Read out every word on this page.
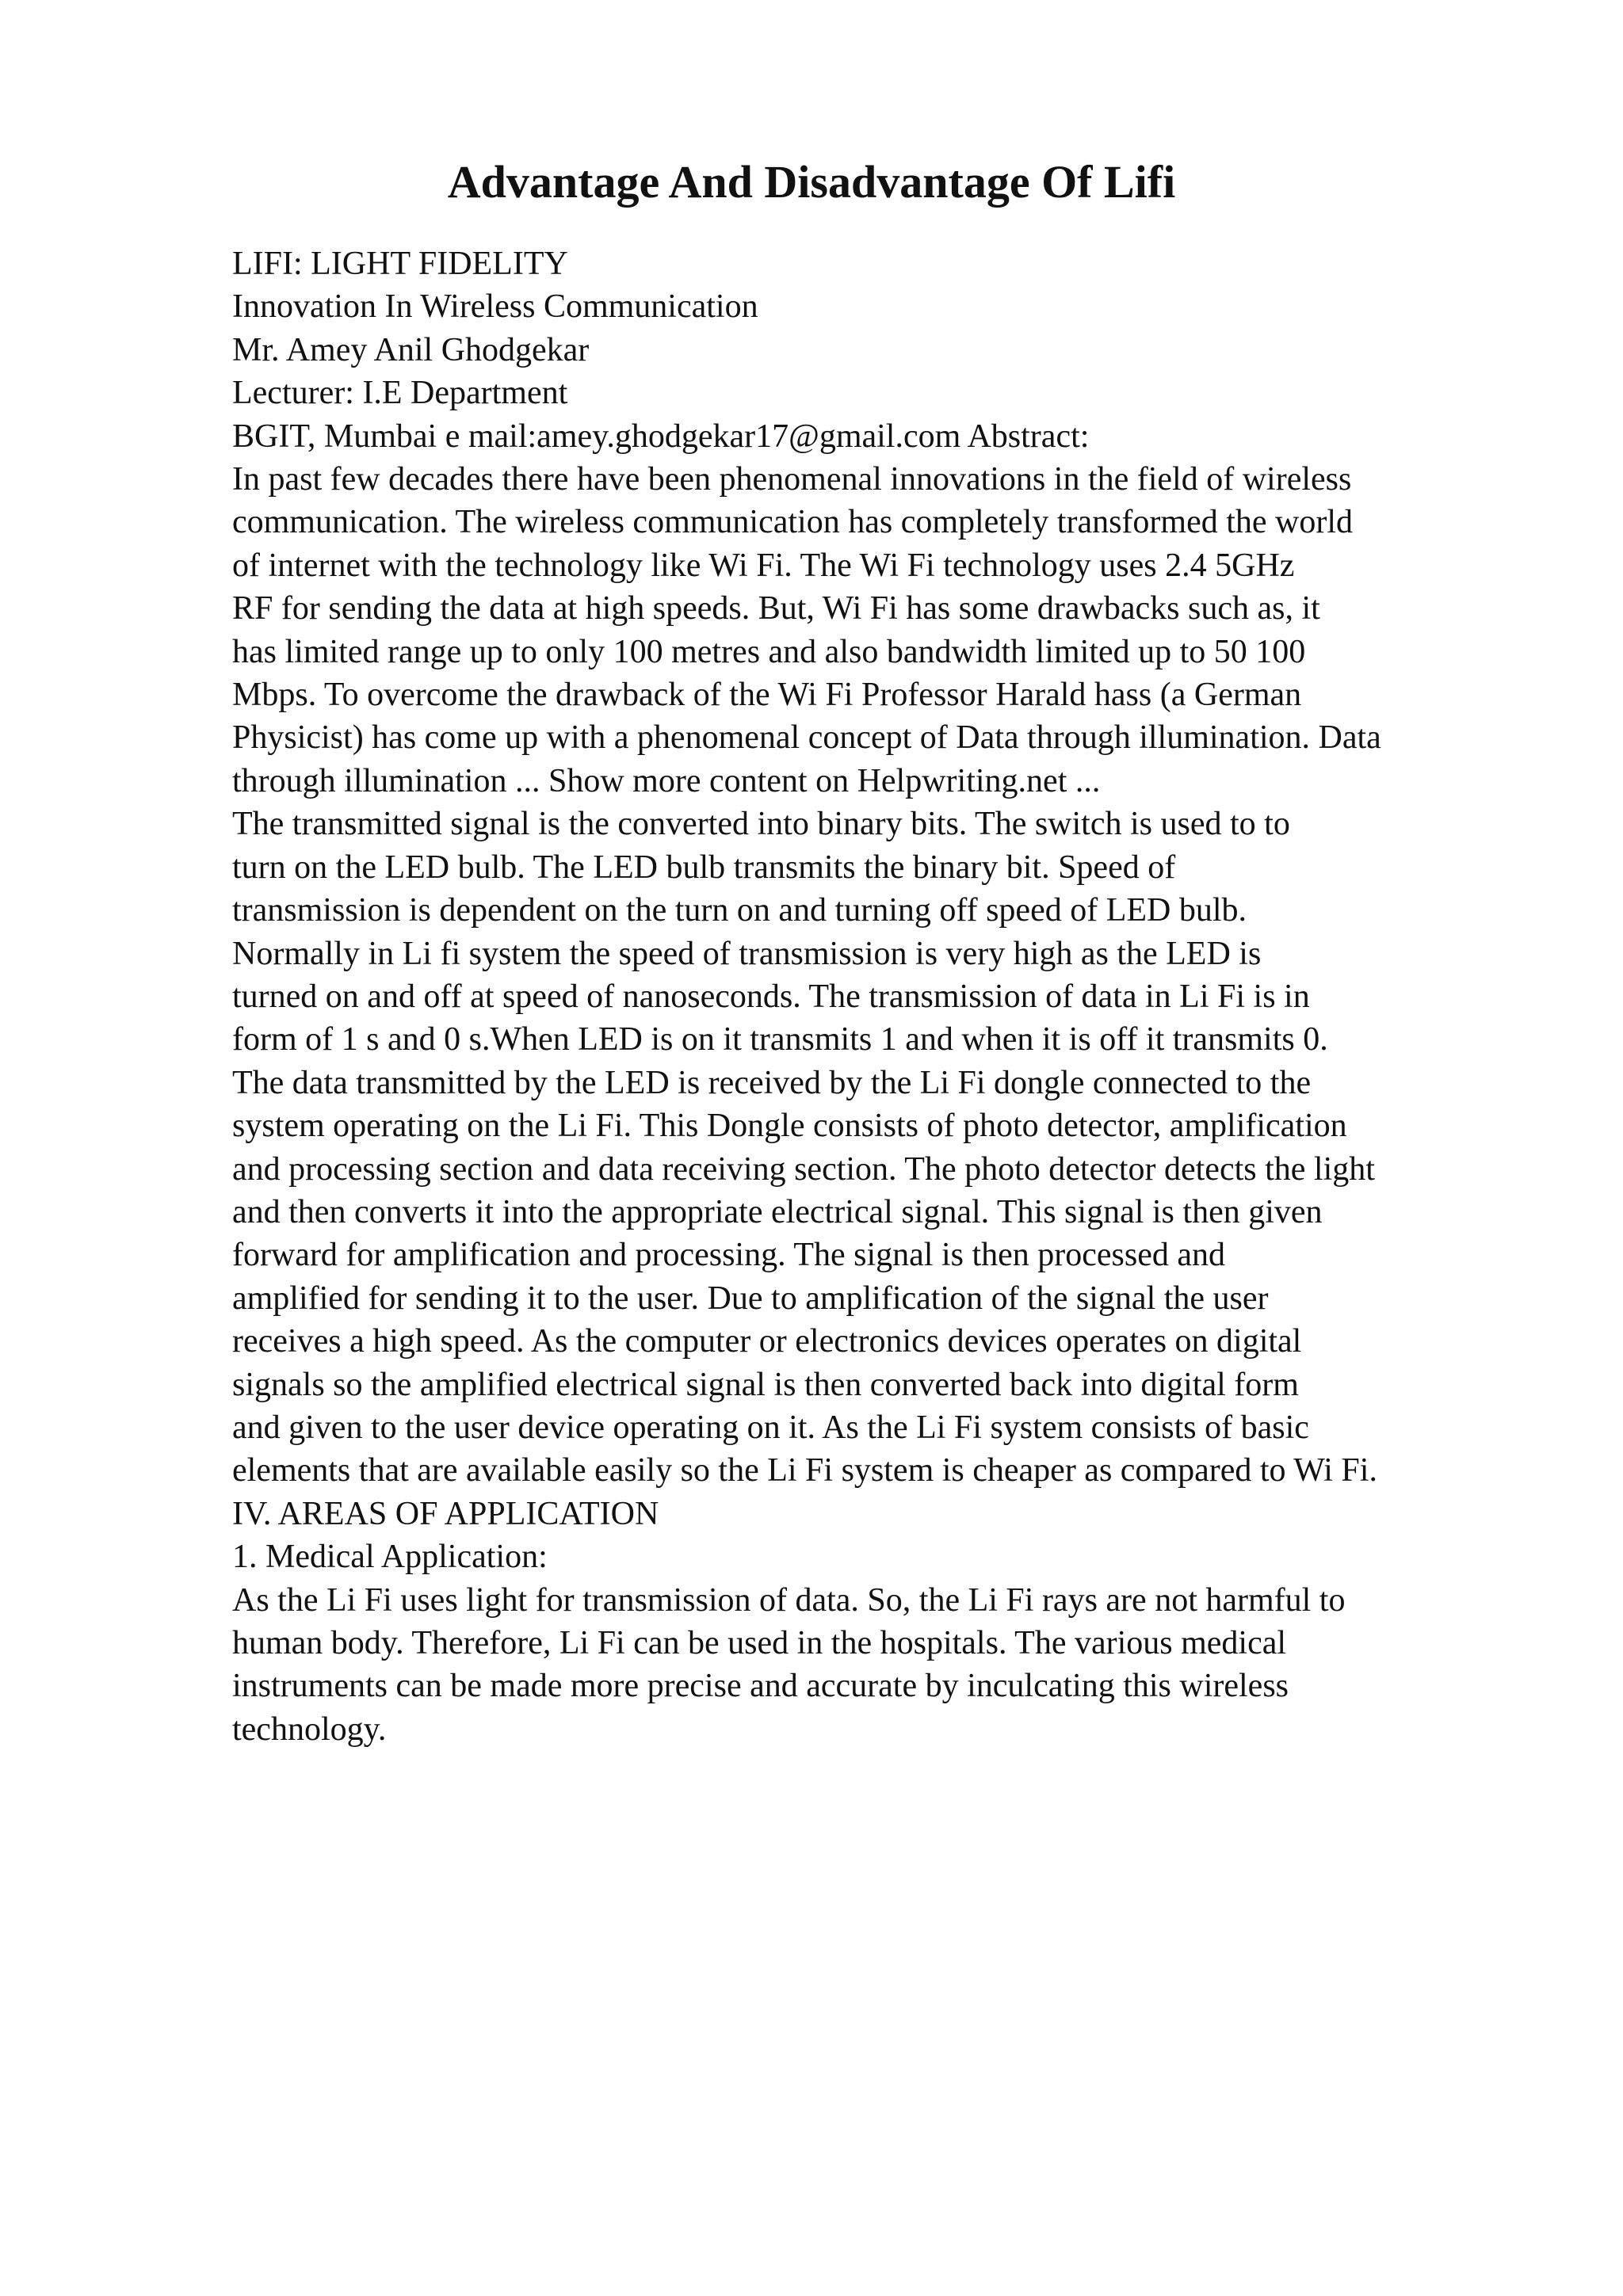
Advantage And Disadvantage Of Lifi
LIFI: LIGHT FIDELITY
Innovation In Wireless Communication
Mr. Amey Anil Ghodgekar
Lecturer: I.E Department
BGIT, Mumbai e mail:amey.ghodgekar17@gmail.com Abstract:
In past few decades there have been phenomenal innovations in the field of wireless
communication. The wireless communication has completely transformed the world
of internet with the technology like Wi Fi. The Wi Fi technology uses 2.4 5GHz
RF for sending the data at high speeds. But, Wi Fi has some drawbacks such as, it
has limited range up to only 100 metres and also bandwidth limited up to 50 100
Mbps. To overcome the drawback of the Wi Fi Professor Harald hass (a German
Physicist) has come up with a phenomenal concept of Data through illumination. Data
through illumination ... Show more content on Helpwriting.net ...
The transmitted signal is the converted into binary bits. The switch is used to to
turn on the LED bulb. The LED bulb transmits the binary bit. Speed of
transmission is dependent on the turn on and turning off speed of LED bulb.
Normally in Li fi system the speed of transmission is very high as the LED is
turned on and off at speed of nanoseconds. The transmission of data in Li Fi is in
form of 1 s and 0 s.When LED is on it transmits 1 and when it is off it transmits 0.
The data transmitted by the LED is received by the Li Fi dongle connected to the
system operating on the Li Fi. This Dongle consists of photo detector, amplification
and processing section and data receiving section. The photo detector detects the light
and then converts it into the appropriate electrical signal. This signal is then given
forward for amplification and processing. The signal is then processed and
amplified for sending it to the user. Due to amplification of the signal the user
receives a high speed. As the computer or electronics devices operates on digital
signals so the amplified electrical signal is then converted back into digital form
and given to the user device operating on it. As the Li Fi system consists of basic
elements that are available easily so the Li Fi system is cheaper as compared to Wi Fi.
IV. AREAS OF APPLICATION
1. Medical Application:
As the Li Fi uses light for transmission of data. So, the Li Fi rays are not harmful to
human body. Therefore, Li Fi can be used in the hospitals. The various medical
instruments can be made more precise and accurate by inculcating this wireless
technology.
